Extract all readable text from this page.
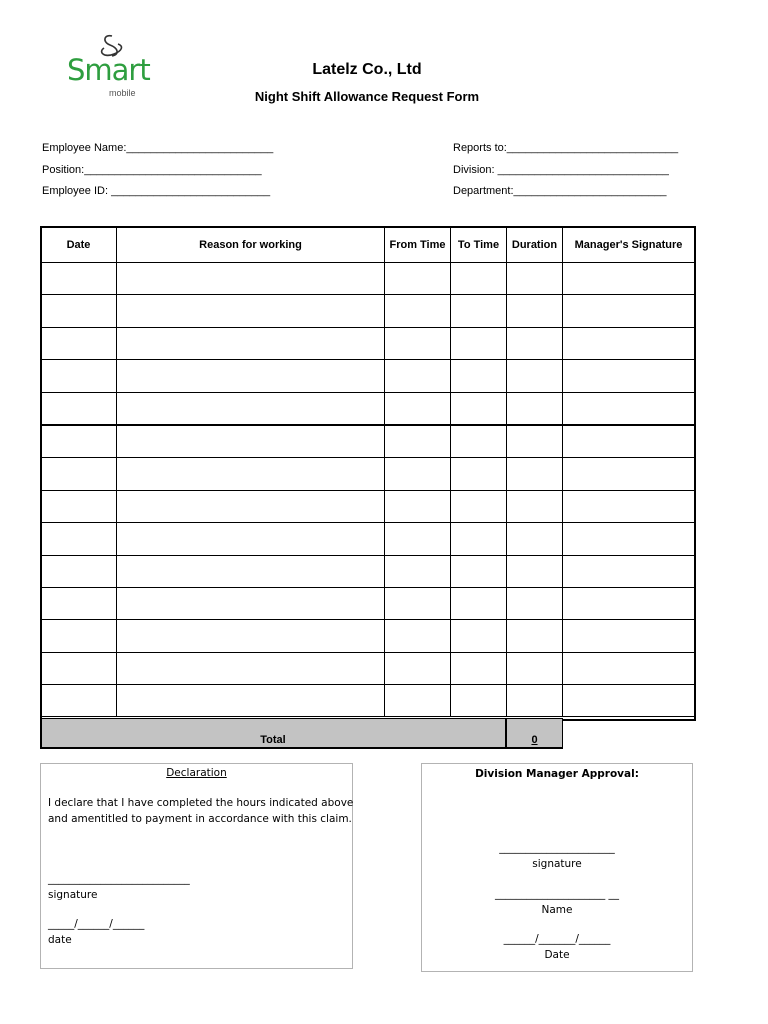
Smart
mobile
Latelz Co., Ltd
Night Shift Allowance Request Form
Employee Name:________________________
Position:_____________________________
Employee ID: __________________________
Reports to:____________________________
Division: ____________________________
Department:_________________________
Date	Reason for working	From Time	To Time	Duration	Manager's Signature

Total	0
Declaration
I declare that I have completed the hours indicated above
and amentitled to payment in accordance with this claim.
___________________________
signature
_____/______/______
date
Division Manager Approval:
______________________
signature
_____________________ __
Name
______/_______/______
Date
